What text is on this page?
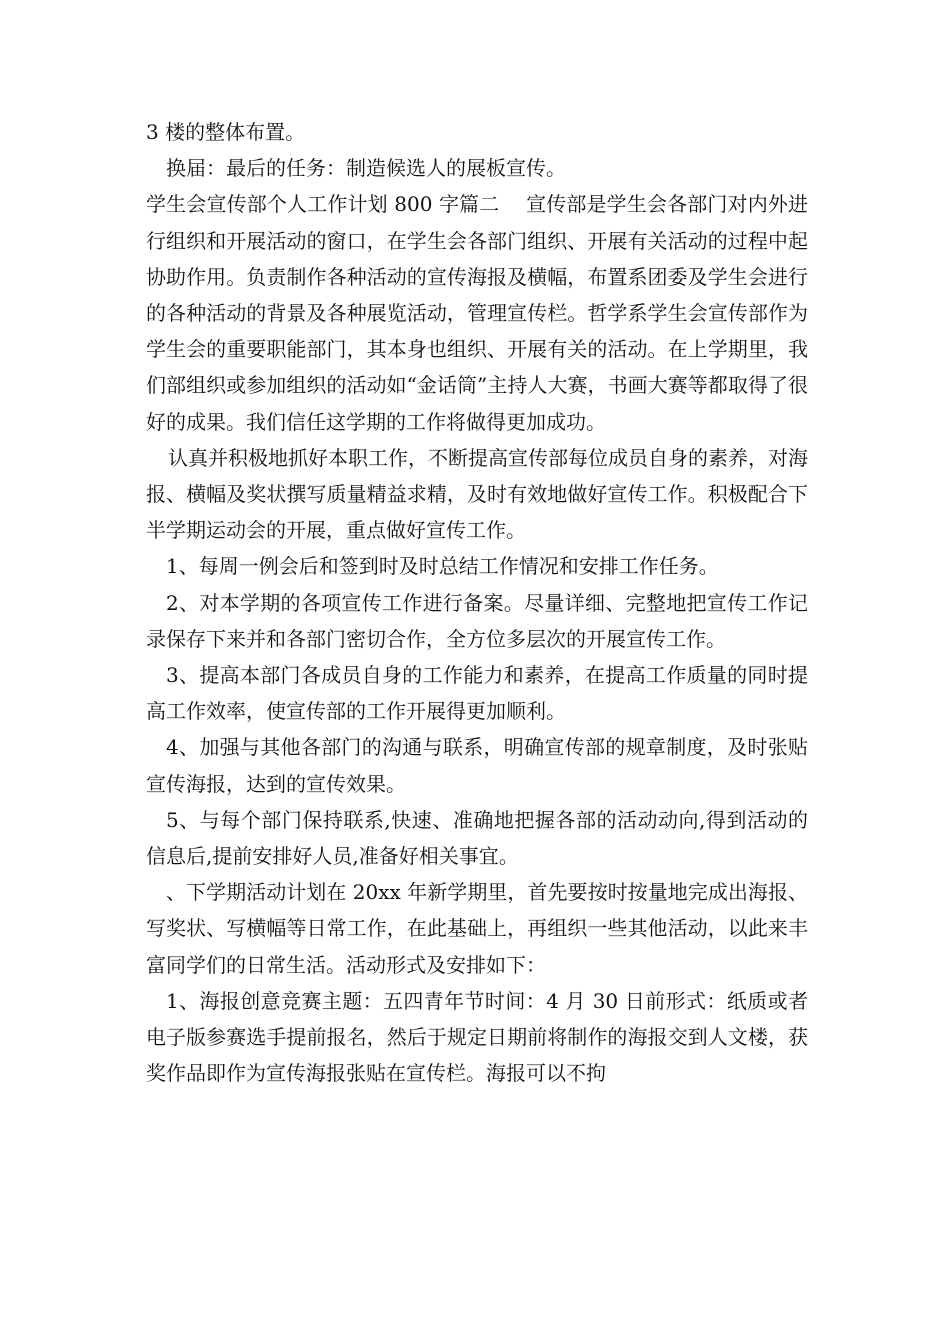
3 楼的整体布置。

换届：最后的任务：制造候选人的展板宣传。

学生会宣传部个人工作计划 800 字篇二　 宣传部是学生会各部门对内外进行组织和开展活动的窗口，在学生会各部门组织、开展有关活动的过程中起协助作用。负责制作各种活动的宣传海报及横幅，布置系团委及学生会进行的各种活动的背景及各种展览活动，管理宣传栏。哲学系学生会宣传部作为学生会的重要职能部门，其本身也组织、开展有关的活动。在上学期里，我们部组织或参加组织的活动如“金话筒”主持人大赛，书画大赛等都取得了很好的成果。我们信任这学期的工作将做得更加成功。

认真并积极地抓好本职工作，不断提高宣传部每位成员自身的素养，对海报、横幅及奖状撰写质量精益求精，及时有效地做好宣传工作。积极配合下半学期运动会的开展，重点做好宣传工作。

1、每周一例会后和签到时及时总结工作情况和安排工作任务。

2、对本学期的各项宣传工作进行备案。尽量详细、完整地把宣传工作记录保存下来并和各部门密切合作，全方位多层次的开展宣传工作。

3、提高本部门各成员自身的工作能力和素养，在提高工作质量的同时提高工作效率，使宣传部的工作开展得更加顺利。

4、加强与其他各部门的沟通与联系，明确宣传部的规章制度，及时张贴宣传海报，达到的宣传效果。

5、与每个部门保持联系,快速、准确地把握各部的活动动向,得到活动的信息后,提前安排好人员,准备好相关事宜。

、下学期活动计划在 20xx 年新学期里，首先要按时按量地完成出海报、写奖状、写横幅等日常工作，在此基础上，再组织一些其他活动，以此来丰富同学们的日常生活。活动形式及安排如下：

1、海报创意竞赛主题：五四青年节时间：4 月 30 日前形式：纸质或者电子版参赛选手提前报名，然后于规定日期前将制作的海报交到人文楼，获奖作品即作为宣传海报张贴在宣传栏。海报可以不拘
